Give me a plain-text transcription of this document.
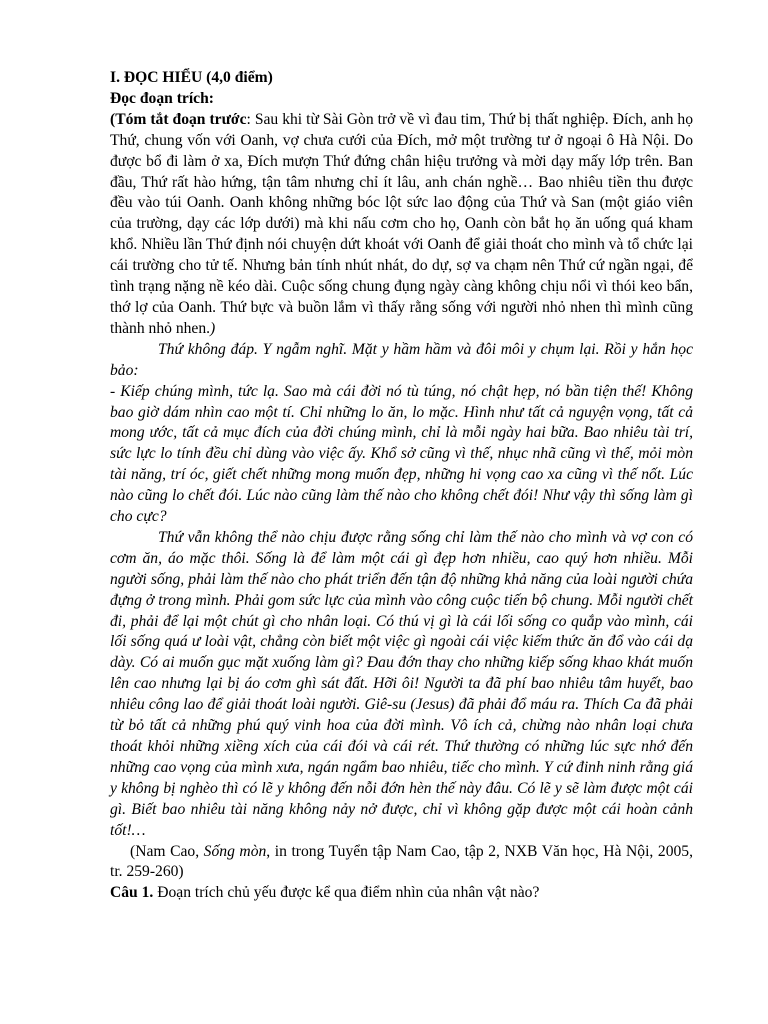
I. ĐỌC HIỂU (4,0 điểm)

Đọc đoạn trích:

(Tóm tắt đoạn trước: Sau khi từ Sài Gòn trở về vì đau tim, Thứ bị thất nghiệp. Đích, anh họ Thứ, chung vốn với Oanh, vợ chưa cưới của Đích, mở một trường tư ở ngoại ô Hà Nội. Do được bổ đi làm ở xa, Đích mượn Thứ đứng chân hiệu trưởng và mời dạy mấy lớp trên. Ban đầu, Thứ rất hào hứng, tận tâm nhưng chỉ ít lâu, anh chán nghề… Bao nhiêu tiền thu được đều vào túi Oanh. Oanh không những bóc lột sức lao động của Thứ và San (một giáo viên của trường, dạy các lớp dưới) mà khi nấu cơm cho họ, Oanh còn bắt họ ăn uống quá kham khổ. Nhiều lần Thứ định nói chuyện dứt khoát với Oanh để giải thoát cho mình và tổ chức lại cái trường cho tử tế. Nhưng bản tính nhút nhát, do dự, sợ va chạm nên Thứ cứ ngần ngại, để tình trạng nặng nề kéo dài. Cuộc sống chung đụng ngày càng không chịu nổi vì thói keo bẩn, thớ lợ của Oanh. Thứ bực và buồn lắm vì thấy rằng sống với người nhỏ nhen thì mình cũng thành nhỏ nhen.)

Thứ không đáp. Y ngẫm nghĩ. Mặt y hầm hầm và đôi môi y chụm lại. Rồi y hắn học bảo:

- Kiếp chúng mình, tức lạ. Sao mà cái đời nó tù túng, nó chật hẹp, nó bần tiện thế! Không bao giờ dám nhìn cao một tí. Chỉ những lo ăn, lo mặc. Hình như tất cả nguyện vọng, tất cả mong ước, tất cả mục đích của đời chúng mình, chỉ là mỗi ngày hai bữa. Bao nhiêu tài trí, sức lực lo tính đều chỉ dùng vào việc ấy. Khổ sở cũng vì thế, nhục nhã cũng vì thế, mỏi mòn tài năng, trí óc, giết chết những mong muốn đẹp, những hi vọng cao xa cũng vì thế nốt. Lúc nào cũng lo chết đói. Lúc nào cũng làm thế nào cho không chết đói! Như vậy thì sống làm gì cho cực?

Thứ vẫn không thể nào chịu được rằng sống chỉ làm thế nào cho mình và vợ con có cơm ăn, áo mặc thôi. Sống là để làm một cái gì đẹp hơn nhiều, cao quý hơn nhiều. Mỗi người sống, phải làm thế nào cho phát triển đến tận độ những khả năng của loài người chứa đựng ở trong mình. Phải gom sức lực của mình vào công cuộc tiến bộ chung. Mỗi người chết đi, phải để lại một chút gì cho nhân loại. Có thú vị gì là cái lối sống co quắp vào mình, cái lối sống quá ư loài vật, chẳng còn biết một việc gì ngoài cái việc kiếm thức ăn đổ vào cái dạ dày. Có ai muốn gục mặt xuống làm gì? Đau đớn thay cho những kiếp sống khao khát muốn lên cao nhưng lại bị áo cơm ghì sát đất. Hỡi ôi! Người ta đã phí bao nhiêu tâm huyết, bao nhiêu công lao để giải thoát loài người. Giê-su (Jesus) đã phải đổ máu ra. Thích Ca đã phải từ bỏ tất cả những phú quý vinh hoa của đời mình. Vô ích cả, chừng nào nhân loại chưa thoát khỏi những xiềng xích của cái đói và cái rét. Thứ thường có những lúc sực nhớ đến những cao vọng của mình xưa, ngán ngẩm bao nhiêu, tiếc cho mình. Y cứ đinh ninh rằng giá y không bị nghèo thì có lẽ y không đến nỗi đớn hèn thế này đâu. Có lẽ y sẽ làm được một cái gì. Biết bao nhiêu tài năng không nảy nở được, chỉ vì không gặp được một cái hoàn cảnh tốt!…

(Nam Cao, Sống mòn, in trong Tuyển tập Nam Cao, tập 2, NXB Văn học, Hà Nội, 2005, tr. 259-260)

Câu 1. Đoạn trích chủ yếu được kể qua điểm nhìn của nhân vật nào?
